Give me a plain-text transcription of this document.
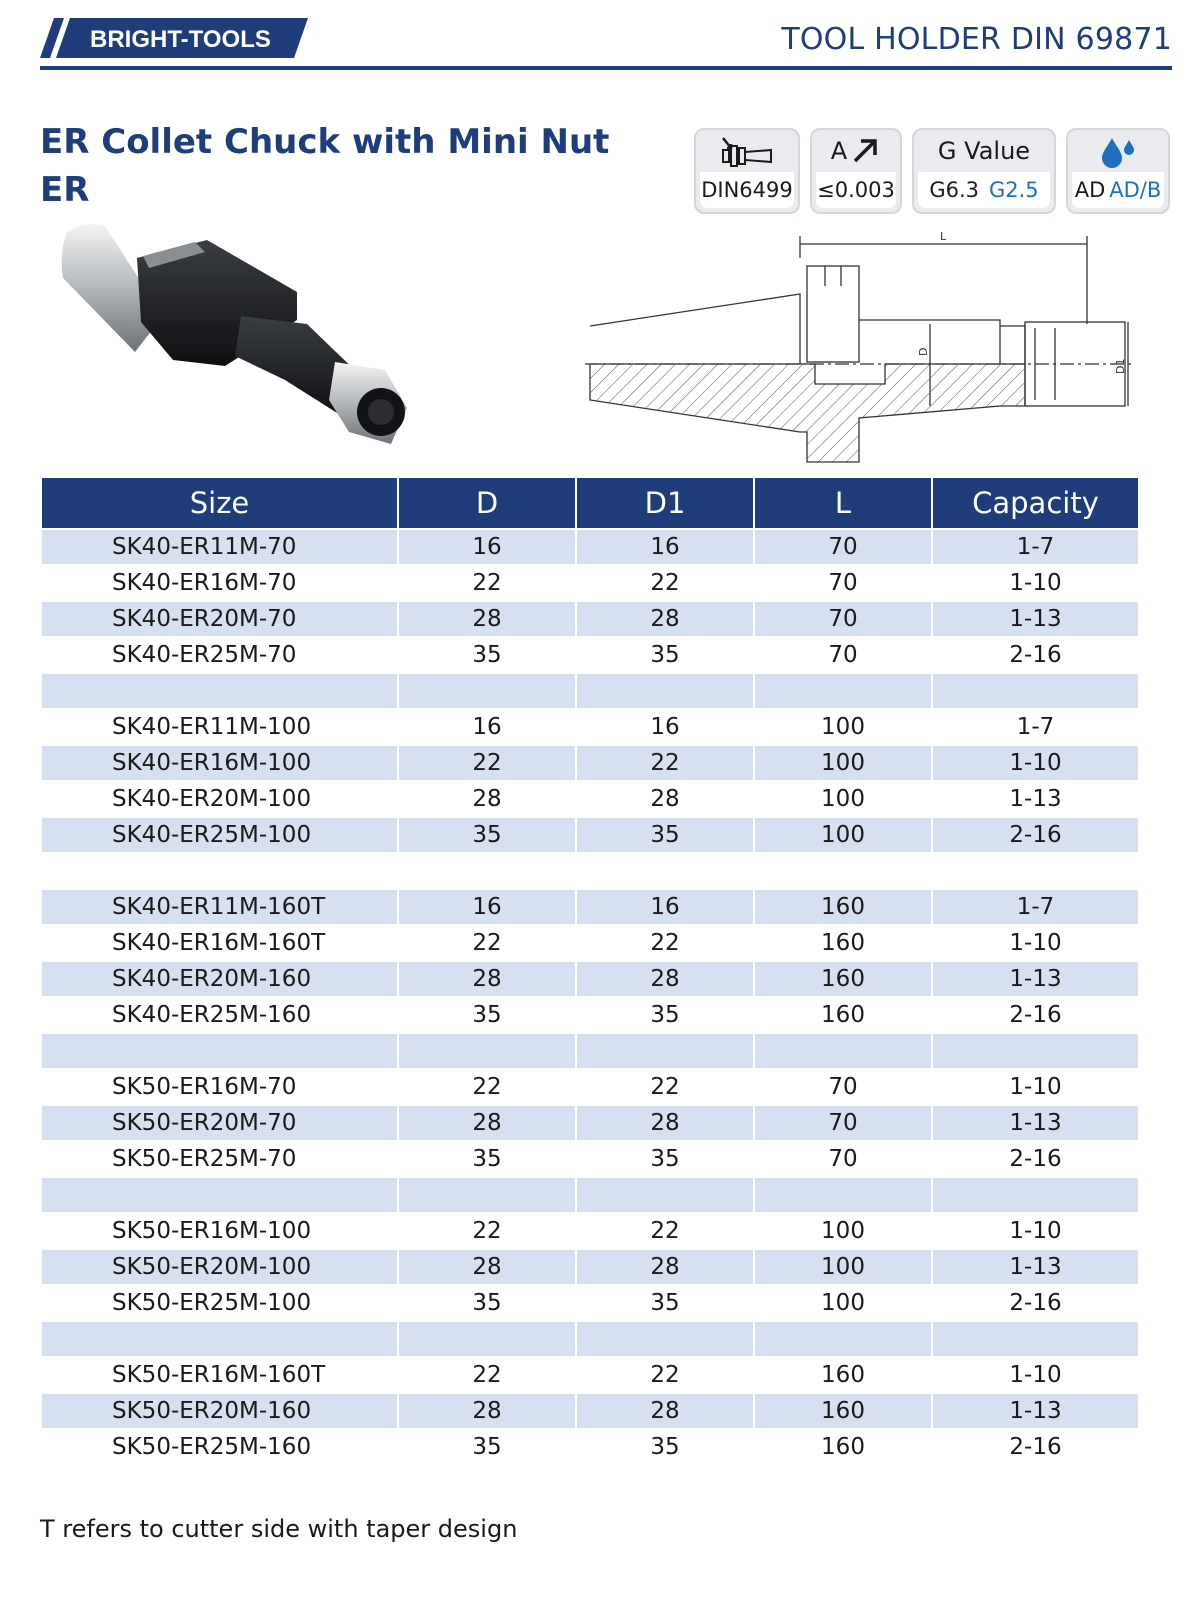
BRIGHT-TOOLS	TOOL HOLDER DIN 69871
ER Collet Chuck with Mini Nut
ER	DIN6499
A
≤0.003
G Value
G6.3 G2.5 AD AD/B
L
D
D1
Size	D	D1	L	Capacity
SK40-ER11M-70	16	16	70	1-7
SK40-ER16M-70	22	22	70	1-10
SK40-ER20M-70	28	28	70	1-13
SK40-ER25M-70	35	35	70	2-16

SK40-ER11M-100	16	16	100	1-7
SK40-ER16M-100	22	22	100	1-10
SK40-ER20M-100	28	28	100	1-13
SK40-ER25M-100	35	35	100	2-16

SK40-ER11M-160T	16	16	160	1-7
SK40-ER16M-160T	22	22	160	1-10
SK40-ER20M-160	28	28	160	1-13
SK40-ER25M-160	35	35	160	2-16

SK50-ER16M-70	22	22	70	1-10
SK50-ER20M-70	28	28	70	1-13
SK50-ER25M-70	35	35	70	2-16

SK50-ER16M-100	22	22	100	1-10
SK50-ER20M-100	28	28	100	1-13
SK50-ER25M-100	35	35	100	2-16

SK50-ER16M-160T	22	22	160	1-10
SK50-ER20M-160	28	28	160	1-13
SK50-ER25M-160	35	35	160	2-16
T refers to cutter side with taper design
